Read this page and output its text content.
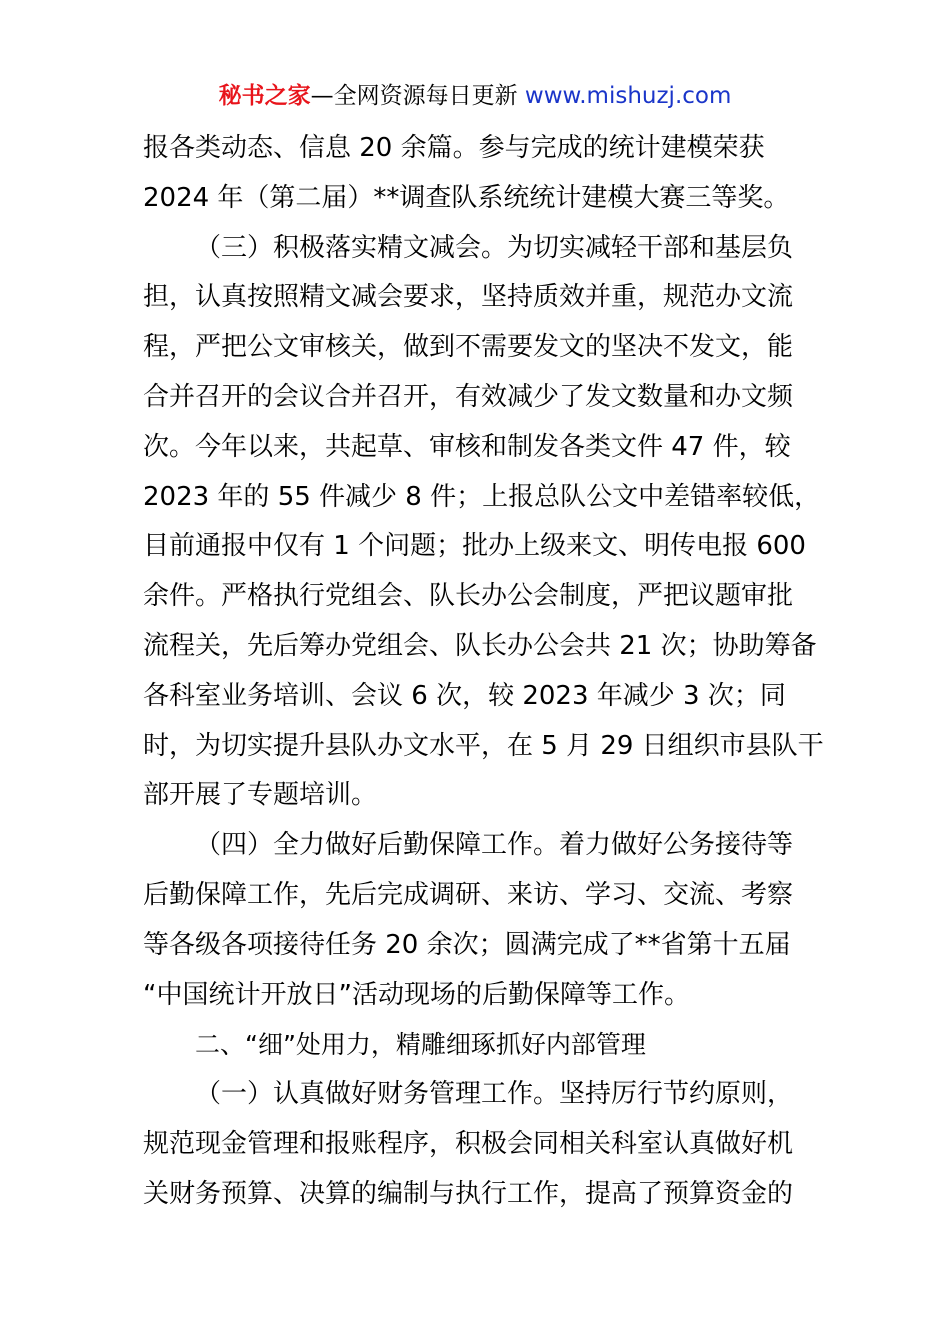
秘书之家—全网资源每日更新 www.mishuzj.com
报各类动态、信息 20 余篇。参与完成的统计建模荣获
2024 年（第二届）**调查队系统统计建模大赛三等奖。
（三）积极落实精文减会。为切实减轻干部和基层负
担，认真按照精文减会要求，坚持质效并重，规范办文流
程，严把公文审核关，做到不需要发文的坚决不发文，能
合并召开的会议合并召开，有效减少了发文数量和办文频
次。今年以来，共起草、审核和制发各类文件 47 件，较
2023 年的 55 件减少 8 件；上报总队公文中差错率较低，
目前通报中仅有 1 个问题；批办上级来文、明传电报 600
余件。严格执行党组会、队长办公会制度，严把议题审批
流程关，先后筹办党组会、队长办公会共 21 次；协助筹备
各科室业务培训、会议 6 次，较 2023 年减少 3 次；同
时，为切实提升县队办文水平，在 5 月 29 日组织市县队干
部开展了专题培训。
（四）全力做好后勤保障工作。着力做好公务接待等
后勤保障工作，先后完成调研、来访、学习、交流、考察
等各级各项接待任务 20 余次；圆满完成了**省第十五届
“中国统计开放日”活动现场的后勤保障等工作。
二、“细”处用力，精雕细琢抓好内部管理
（一）认真做好财务管理工作。坚持厉行节约原则，
规范现金管理和报账程序，积极会同相关科室认真做好机
关财务预算、决算的编制与执行工作，提高了预算资金的
